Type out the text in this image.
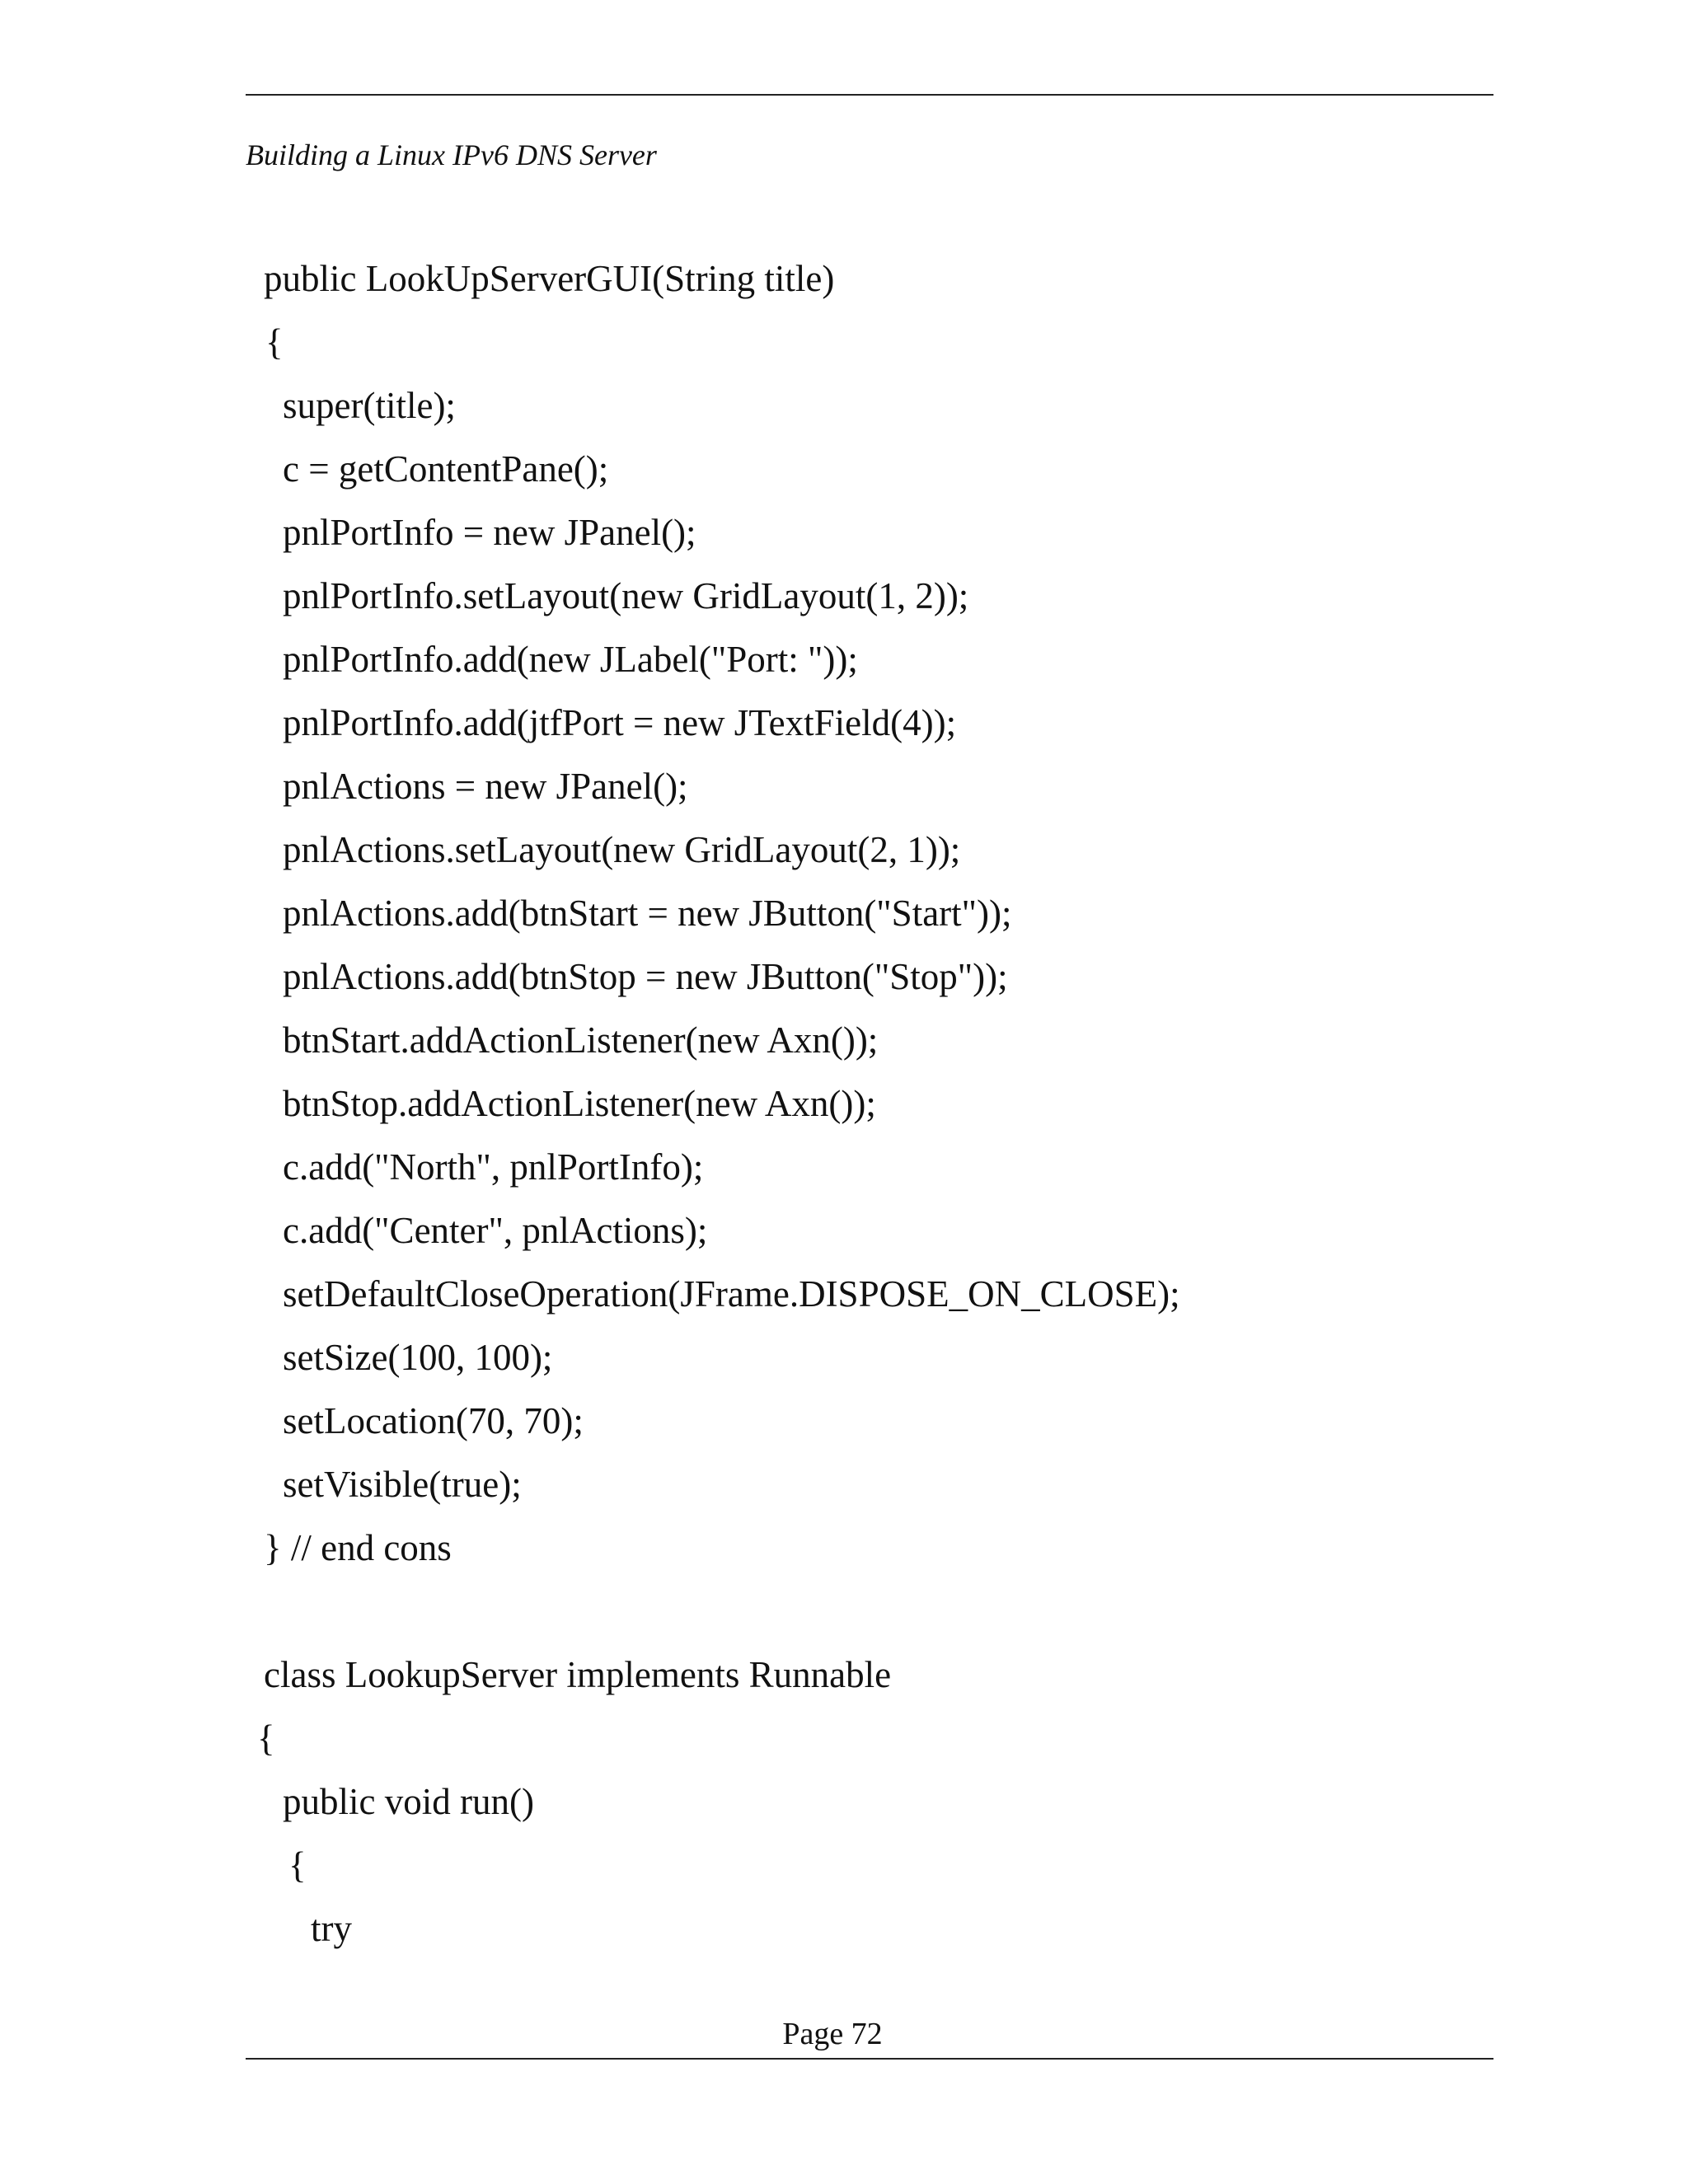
Building a Linux IPv6 DNS Server
public LookUpServerGUI(String title)
{
super(title);
c = getContentPane();
pnlPortInfo = new JPanel();
pnlPortInfo.setLayout(new GridLayout(1, 2));
pnlPortInfo.add(new JLabel("Port: "));
pnlPortInfo.add(jtfPort = new JTextField(4));
pnlActions = new JPanel();
pnlActions.setLayout(new GridLayout(2, 1));
pnlActions.add(btnStart = new JButton("Start"));
pnlActions.add(btnStop = new JButton("Stop"));
btnStart.addActionListener(new Axn());
btnStop.addActionListener(new Axn());
c.add("North", pnlPortInfo);
c.add("Center", pnlActions);
setDefaultCloseOperation(JFrame.DISPOSE_ON_CLOSE);
setSize(100, 100);
setLocation(70, 70);
setVisible(true);
} // end cons
class LookupServer implements Runnable
{
public void run()
{
try
Page 72
